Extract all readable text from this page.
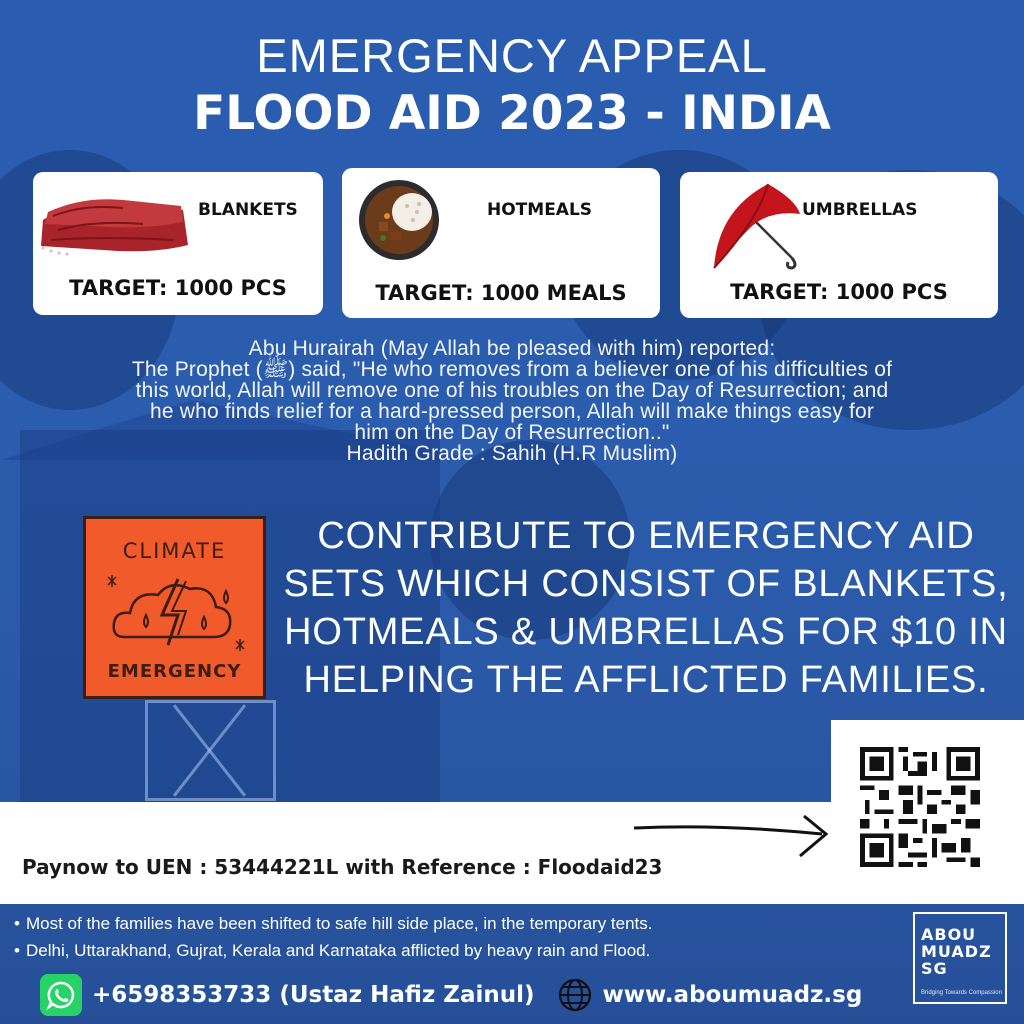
EMERGENCY APPEAL
FLOOD AID 2023 - INDIA
BLANKETS
TARGET: 1000 PCS
HOTMEALS
TARGET: 1000 MEALS
UMBRELLAS
TARGET: 1000 PCS
Abu Hurairah (May Allah be pleased with him) reported:
The Prophet (ﷺ) said, "He who removes from a believer one of his difficulties of
this world, Allah will remove one of his troubles on the Day of Resurrection; and
he who finds relief for a hard-pressed person, Allah will make things easy for
him on the Day of Resurrection.."
Hadith Grade : Sahih (H.R Muslim)
CLIMATE
EMERGENCY
CONTRIBUTE TO EMERGENCY AID
SETS WHICH CONSIST OF BLANKETS,
HOTMEALS & UMBRELLAS FOR $10 IN
HELPING THE AFFLICTED FAMILIES.
Paynow to UEN : 53444221L with Reference : Floodaid23
• Most of the families have been shifted to safe hill side place, in the temporary tents.
• Delhi, Uttarakhand, Gujrat, Kerala and Karnataka afflicted by heavy rain and Flood.
+6598353733 (Ustaz Hafiz Zainul)	www.aboumuadz.sg
ABOU
MUADZ
SG
Bridging Towards Compassion
